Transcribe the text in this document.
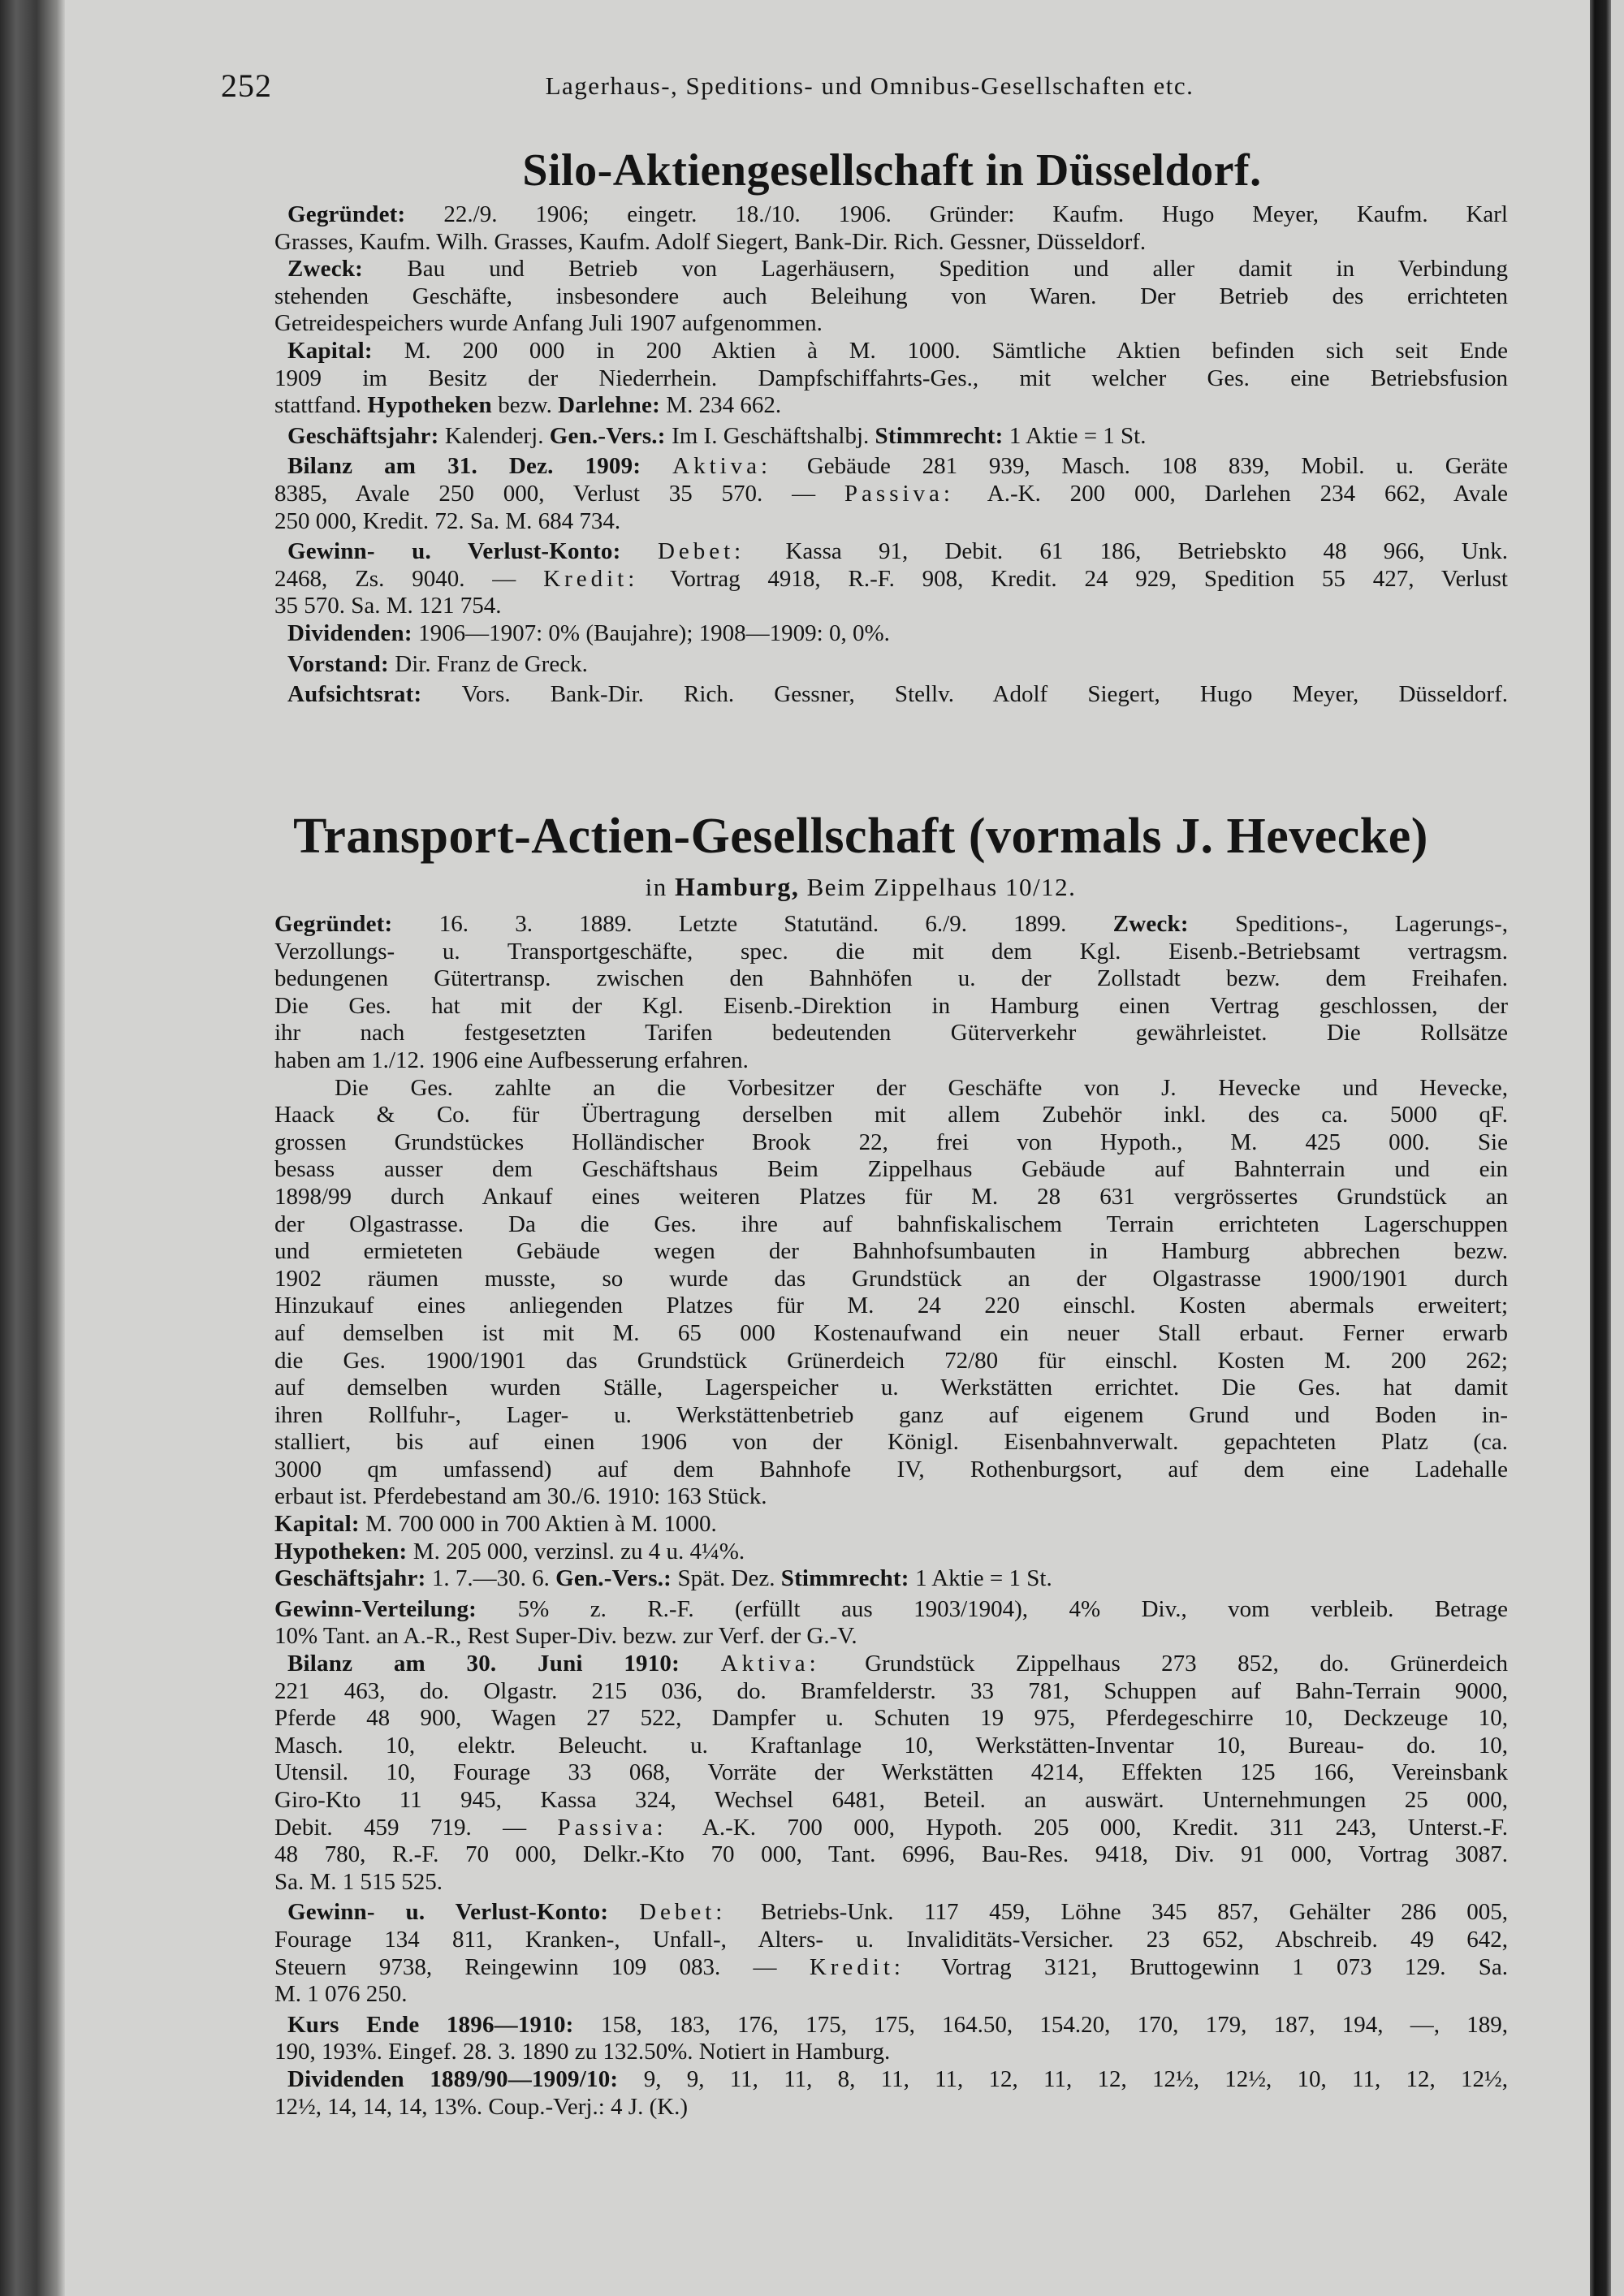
252	Lagerhaus-, Speditions- und Omnibus-Gesellschaften etc.
Silo-Aktiengesellschaft in Düsseldorf.
Gegründet: 22./9. 1906; eingetr. 18./10. 1906. Gründer: Kaufm. Hugo Meyer, Kaufm. Karl
Grasses, Kaufm. Wilh. Grasses, Kaufm. Adolf Siegert, Bank-Dir. Rich. Gessner, Düsseldorf.
Zweck: Bau und Betrieb von Lagerhäusern, Spedition und aller damit in Verbindung
stehenden Geschäfte, insbesondere auch Beleihung von Waren. Der Betrieb des errichteten
Getreidespeichers wurde Anfang Juli 1907 aufgenommen.
Kapital: M. 200 000 in 200 Aktien à M. 1000. Sämtliche Aktien befinden sich seit Ende
1909 im Besitz der Niederrhein. Dampfschiffahrts-Ges., mit welcher Ges. eine Betriebsfusion
stattfand. Hypotheken bezw. Darlehne: M. 234 662.
Geschäftsjahr: Kalenderj. Gen.-Vers.: Im I. Geschäftshalbj. Stimmrecht: 1 Aktie = 1 St.
Bilanz am 31. Dez. 1909: Aktiva: Gebäude 281 939, Masch. 108 839, Mobil. u. Geräte
8385, Avale 250 000, Verlust 35 570. — Passiva: A.-K. 200 000, Darlehen 234 662, Avale
250 000, Kredit. 72. Sa. M. 684 734.
Gewinn- u. Verlust-Konto: Debet: Kassa 91, Debit. 61 186, Betriebskto 48 966, Unk.
2468, Zs. 9040. — Kredit: Vortrag 4918, R.-F. 908, Kredit. 24 929, Spedition 55 427, Verlust
35 570. Sa. M. 121 754.
Dividenden: 1906—1907: 0% (Baujahre); 1908—1909: 0, 0%.
Vorstand: Dir. Franz de Greck.
Aufsichtsrat: Vors. Bank-Dir. Rich. Gessner, Stellv. Adolf Siegert, Hugo Meyer, Düsseldorf.
Transport-Actien-Gesellschaft (vormals J. Hevecke)
in Hamburg, Beim Zippelhaus 10/12.
Gegründet: 16. 3. 1889. Letzte Statutänd. 6./9. 1899. Zweck: Speditions-, Lagerungs-,
Verzollungs- u. Transportgeschäfte, spec. die mit dem Kgl. Eisenb.-Betriebsamt vertragsm.
bedungenen Gütertransp. zwischen den Bahnhöfen u. der Zollstadt bezw. dem Freihafen.
Die Ges. hat mit der Kgl. Eisenb.-Direktion in Hamburg einen Vertrag geschlossen, der
ihr nach festgesetzten Tarifen bedeutenden Güterverkehr gewährleistet. Die Rollsätze
haben am 1./12. 1906 eine Aufbesserung erfahren.
Die Ges. zahlte an die Vorbesitzer der Geschäfte von J. Hevecke und Hevecke,
Haack & Co. für Übertragung derselben mit allem Zubehör inkl. des ca. 5000 qF.
grossen Grundstückes Holländischer Brook 22, frei von Hypoth., M. 425 000. Sie
besass ausser dem Geschäftshaus Beim Zippelhaus Gebäude auf Bahnterrain und ein
1898/99 durch Ankauf eines weiteren Platzes für M. 28 631 vergrössertes Grundstück an
der Olgastrasse. Da die Ges. ihre auf bahnfiskalischem Terrain errichteten Lagerschuppen
und ermieteten Gebäude wegen der Bahnhofsumbauten in Hamburg abbrechen bezw.
1902 räumen musste, so wurde das Grundstück an der Olgastrasse 1900/1901 durch
Hinzukauf eines anliegenden Platzes für M. 24 220 einschl. Kosten abermals erweitert;
auf demselben ist mit M. 65 000 Kostenaufwand ein neuer Stall erbaut. Ferner erwarb
die Ges. 1900/1901 das Grundstück Grünerdeich 72/80 für einschl. Kosten M. 200 262;
auf demselben wurden Ställe, Lagerspeicher u. Werkstätten errichtet. Die Ges. hat damit
ihren Rollfuhr-, Lager- u. Werkstättenbetrieb ganz auf eigenem Grund und Boden in-
stalliert, bis auf einen 1906 von der Königl. Eisenbahnverwalt. gepachteten Platz (ca.
3000 qm umfassend) auf dem Bahnhofe IV, Rothenburgsort, auf dem eine Ladehalle
erbaut ist. Pferdebestand am 30./6. 1910: 163 Stück.
Kapital: M. 700 000 in 700 Aktien à M. 1000.
Hypotheken: M. 205 000, verzinsl. zu 4 u. 4¼%.
Geschäftsjahr: 1. 7.—30. 6. Gen.-Vers.: Spät. Dez. Stimmrecht: 1 Aktie = 1 St.
Gewinn-Verteilung: 5% z. R.-F. (erfüllt aus 1903/1904), 4% Div., vom verbleib. Betrage
10% Tant. an A.-R., Rest Super-Div. bezw. zur Verf. der G.-V.
Bilanz am 30. Juni 1910: Aktiva: Grundstück Zippelhaus 273 852, do. Grünerdeich
221 463, do. Olgastr. 215 036, do. Bramfelderstr. 33 781, Schuppen auf Bahn-Terrain 9000,
Pferde 48 900, Wagen 27 522, Dampfer u. Schuten 19 975, Pferdegeschirre 10, Deckzeuge 10,
Masch. 10, elektr. Beleucht. u. Kraftanlage 10, Werkstätten-Inventar 10, Bureau- do. 10,
Utensil. 10, Fourage 33 068, Vorräte der Werkstätten 4214, Effekten 125 166, Vereinsbank
Giro-Kto 11 945, Kassa 324, Wechsel 6481, Beteil. an auswärt. Unternehmungen 25 000,
Debit. 459 719. — Passiva: A.-K. 700 000, Hypoth. 205 000, Kredit. 311 243, Unterst.-F.
48 780, R.-F. 70 000, Delkr.-Kto 70 000, Tant. 6996, Bau-Res. 9418, Div. 91 000, Vortrag 3087.
Sa. M. 1 515 525.
Gewinn- u. Verlust-Konto: Debet: Betriebs-Unk. 117 459, Löhne 345 857, Gehälter 286 005,
Fourage 134 811, Kranken-, Unfall-, Alters- u. Invaliditäts-Versicher. 23 652, Abschreib. 49 642,
Steuern 9738, Reingewinn 109 083. — Kredit: Vortrag 3121, Bruttogewinn 1 073 129. Sa.
M. 1 076 250.
Kurs Ende 1896—1910: 158, 183, 176, 175, 175, 164.50, 154.20, 170, 179, 187, 194, —, 189,
190, 193%. Eingef. 28. 3. 1890 zu 132.50%. Notiert in Hamburg.
Dividenden 1889/90—1909/10: 9, 9, 11, 11, 8, 11, 11, 12, 11, 12, 12½, 12½, 10, 11, 12, 12½,
12½, 14, 14, 14, 13%. Coup.-Verj.: 4 J. (K.)
